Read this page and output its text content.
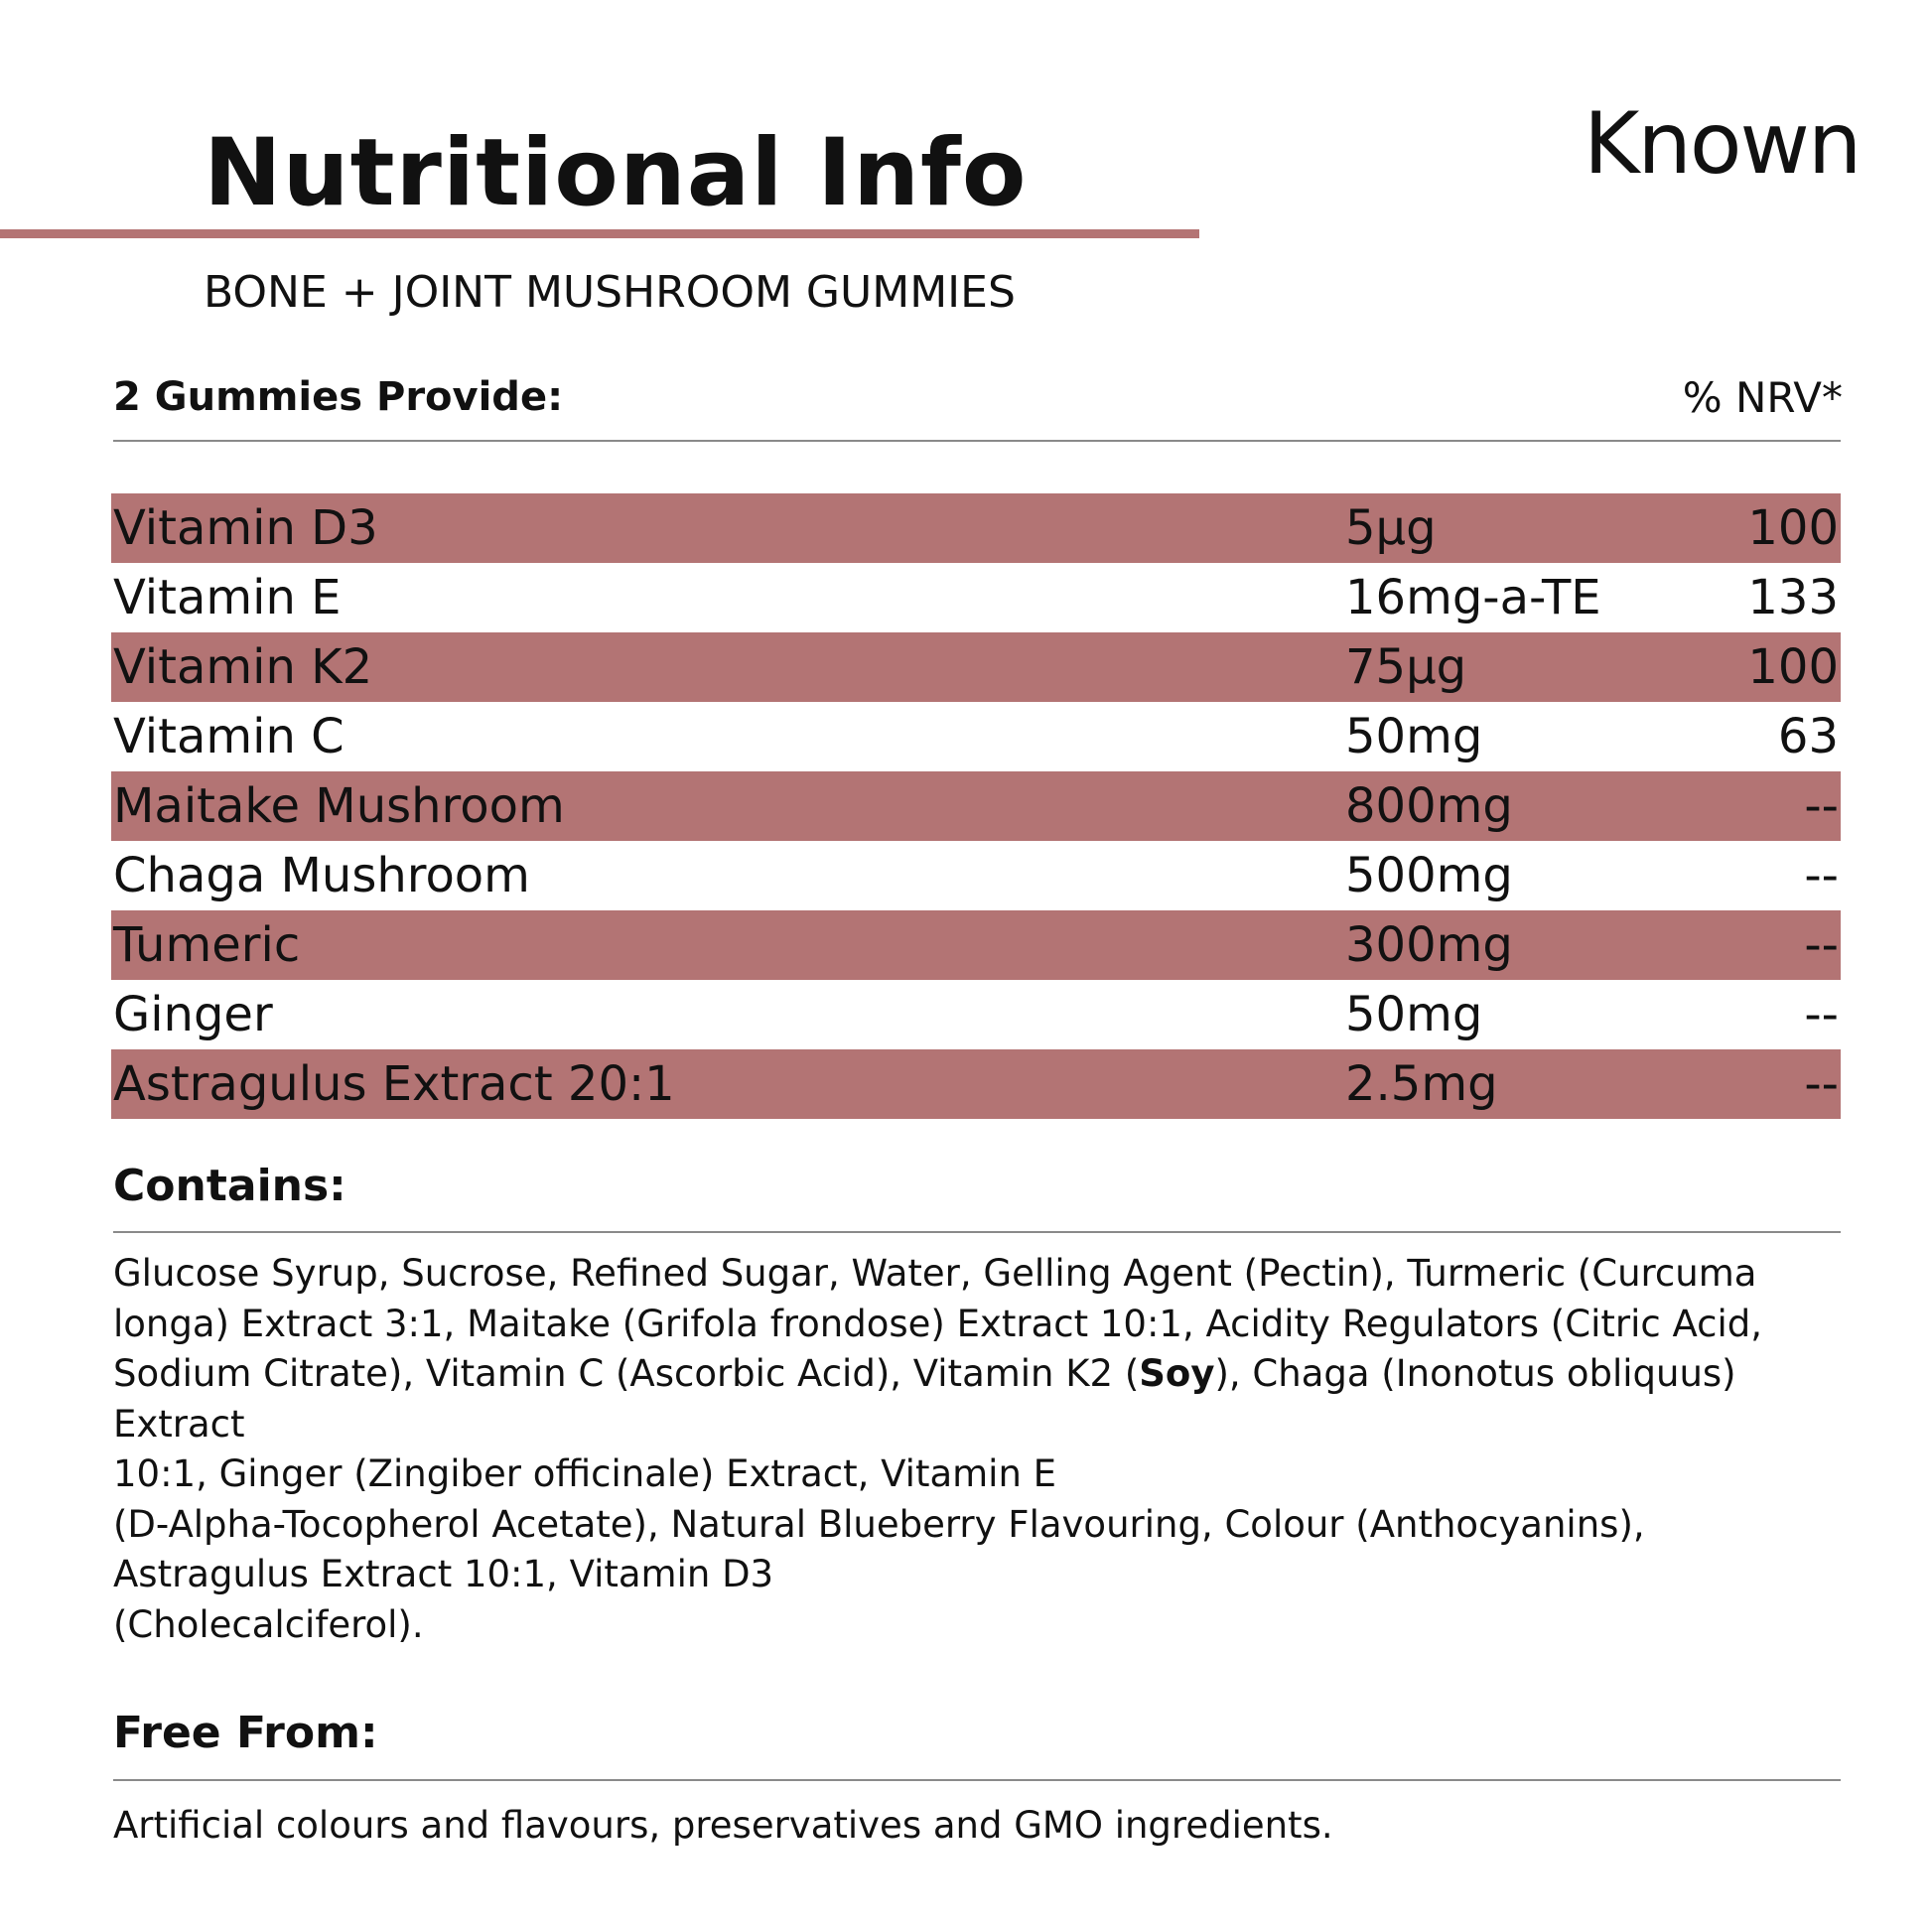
Nutritional Info	Known
BONE + JOINT MUSHROOM GUMMIES
2 Gummies Provide:	% NRV*
Vitamin D3	5µg	100
Vitamin E	16mg-a-TE	133
Vitamin K2	75µg	100
Vitamin C	50mg	63
Maitake Mushroom	800mg	--
Chaga Mushroom	500mg	--
Tumeric	300mg	--
Ginger	50mg	--
Astragulus Extract 20:1	2.5mg	--
Contains:

Glucose Syrup, Sucrose, Refined Sugar, Water, Gelling Agent (Pectin), Turmeric (Curcuma

longa) Extract 3:1, Maitake (Grifola frondose) Extract 10:1, Acidity Regulators (Citric Acid,

Sodium Citrate), Vitamin C (Ascorbic Acid), Vitamin K2 (Soy), Chaga (Inonotus obliquus)

Extract

10:1, Ginger (Zingiber officinale) Extract, Vitamin E

(D-Alpha-Tocopherol Acetate), Natural Blueberry Flavouring, Colour (Anthocyanins),

Astragulus Extract 10:1, Vitamin D3

(Cholecalciferol).

Free From:
Artificial colours and flavours, preservatives and GMO ingredients.
